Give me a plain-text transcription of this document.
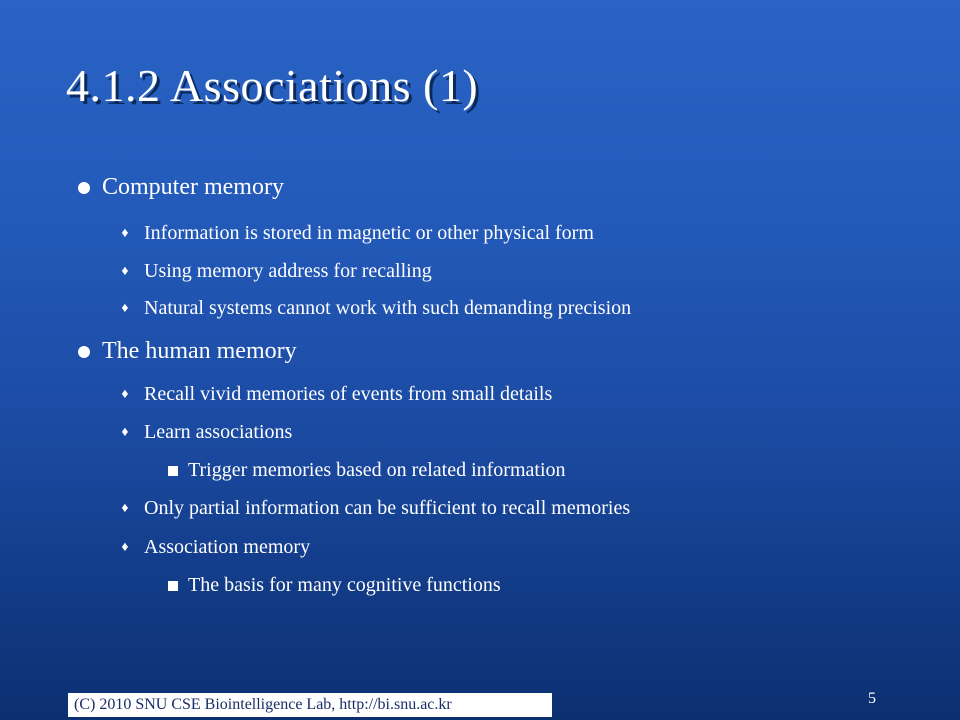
4.1.2 Associations (1)
Computer memory
♦ Information is stored in magnetic or other physical form
♦ Using memory address for recalling
♦ Natural systems cannot work with such demanding precision
The human memory
♦ Recall vivid memories of events from small details
♦ Learn associations
Trigger memories based on related information
♦ Only partial information can be sufficient to recall memories
♦ Association memory
The basis for many cognitive functions
(C) 2010 SNU CSE Biointelligence Lab, http://bi.snu.ac.kr	5
